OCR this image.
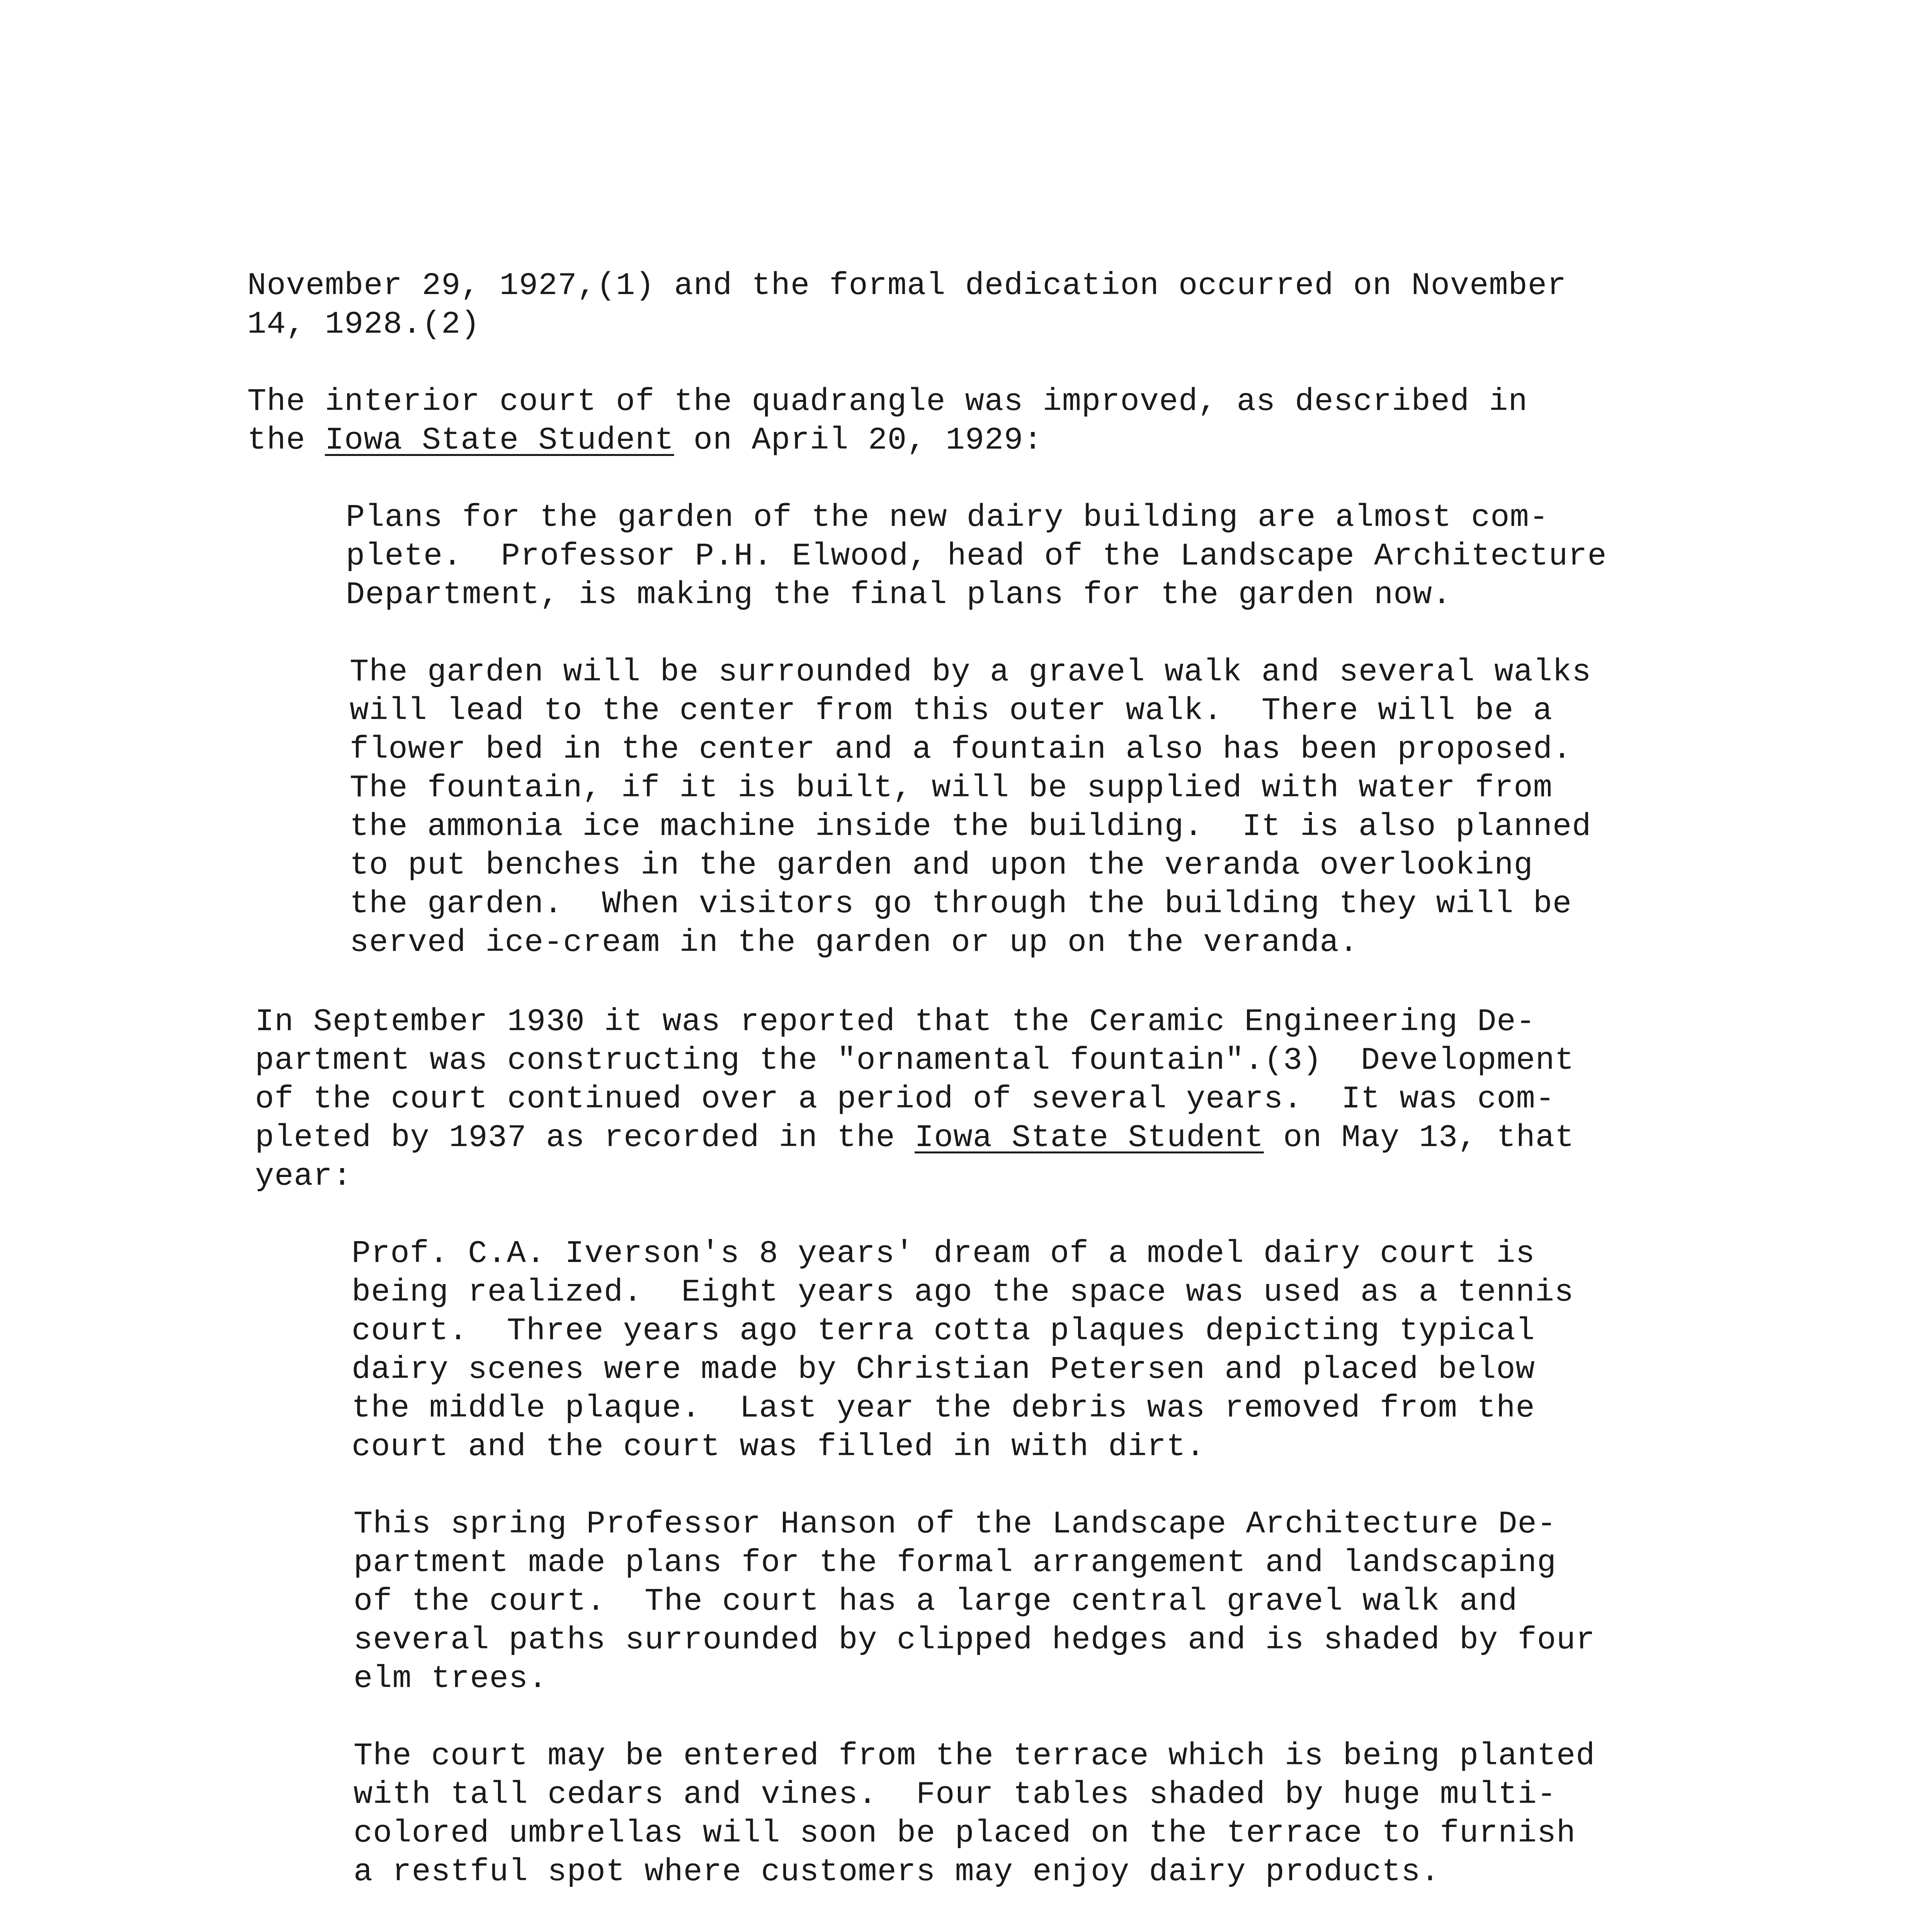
November 29, 1927,(1) and the formal dedication occurred on November
14, 1928.(2)
The interior court of the quadrangle was improved, as described in
the Iowa State Student on April 20, 1929:
Plans for the garden of the new dairy building are almost com-
plete.  Professor P.H. Elwood, head of the Landscape Architecture
Department, is making the final plans for the garden now.
The garden will be surrounded by a gravel walk and several walks
will lead to the center from this outer walk.  There will be a
flower bed in the center and a fountain also has been proposed.
The fountain, if it is built, will be supplied with water from
the ammonia ice machine inside the building.  It is also planned
to put benches in the garden and upon the veranda overlooking
the garden.  When visitors go through the building they will be
served ice-cream in the garden or up on the veranda.
In September 1930 it was reported that the Ceramic Engineering De-
partment was constructing the "ornamental fountain".(3)  Development
of the court continued over a period of several years.  It was com-
pleted by 1937 as recorded in the Iowa State Student on May 13, that
year:
Prof. C.A. Iverson's 8 years' dream of a model dairy court is
being realized.  Eight years ago the space was used as a tennis
court.  Three years ago terra cotta plaques depicting typical
dairy scenes were made by Christian Petersen and placed below
the middle plaque.  Last year the debris was removed from the
court and the court was filled in with dirt.
This spring Professor Hanson of the Landscape Architecture De-
partment made plans for the formal arrangement and landscaping
of the court.  The court has a large central gravel walk and
several paths surrounded by clipped hedges and is shaded by four
elm trees.
The court may be entered from the terrace which is being planted
with tall cedars and vines.  Four tables shaded by huge multi-
colored umbrellas will soon be placed on the terrace to furnish
a restful spot where customers may enjoy dairy products.
